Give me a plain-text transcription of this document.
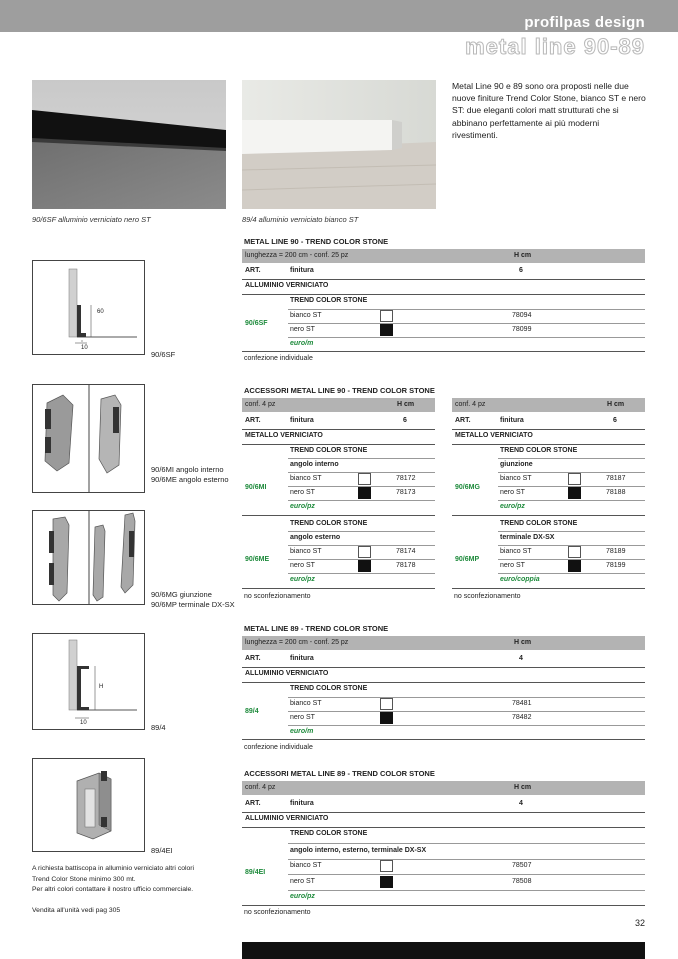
profilpas design
metal line 90-89
90/6SF alluminio verniciato nero ST	89/4 alluminio verniciato bianco ST
Metal Line 90 e 89 sono ora proposti nelle due nuove finiture Trend Color Stone, bianco ST e nero ST: due eleganti colori matt strutturati che si abbinano perfettamente ai più moderni rivestimenti.
60
10
90/6SF
90/6MI angolo interno
90/6ME angolo esterno
90/6MG giunzione
90/6MP terminale DX-SX
H
10	89/4
89/4EI
A richiesta battiscopa in alluminio verniciato altri colori
Trend Color Stone minimo 300 mt.
Per altri colori contattare il nostro ufficio commerciale.
Vendita all'unità vedi pag 305
METAL LINE 90 - TREND COLOR STONE
lunghezza = 200 cm - conf. 25 pz	H cm
ART.	finitura	6
ALLUMINIO VERNICIATO
TREND COLOR STONE
90/6SF
bianco ST	78094
nero ST	78099
euro/m
confezione individuale
ACCESSORI METAL LINE 90 - TREND COLOR STONE
conf. 4 pz	H cm
ART.	finitura	6
METALLO VERNICIATO
TREND COLOR STONE
angolo interno
90/6MI
bianco ST	78172
nero ST	78173
euro/pz
TREND COLOR STONE
angolo esterno
90/6ME
bianco ST	78174
nero ST	78178
euro/pz
no sconfezionamento
conf. 4 pz	H cm
ART.	finitura	6
METALLO VERNICIATO
TREND COLOR STONE
giunzione
90/6MG
bianco ST	78187
nero ST	78188
euro/pz
TREND COLOR STONE
terminale DX-SX
90/6MP
bianco ST	78189
nero ST	78199
euro/coppia
no sconfezionamento
METAL LINE 89 - TREND COLOR STONE
lunghezza = 200 cm - conf. 25 pz	H cm
ART.	finitura	4
ALLUMINIO VERNICIATO
TREND COLOR STONE
89/4
bianco ST	78481
nero ST	78482
euro/m
confezione individuale
ACCESSORI METAL LINE 89 - TREND COLOR STONE
conf. 4 pz	H cm
ART.	finitura	4
ALLUMINIO VERNICIATO
TREND COLOR STONE
angolo interno, esterno, terminale DX-SX
89/4EI
bianco ST	78507
nero ST	78508
euro/pz
no sconfezionamento
32
